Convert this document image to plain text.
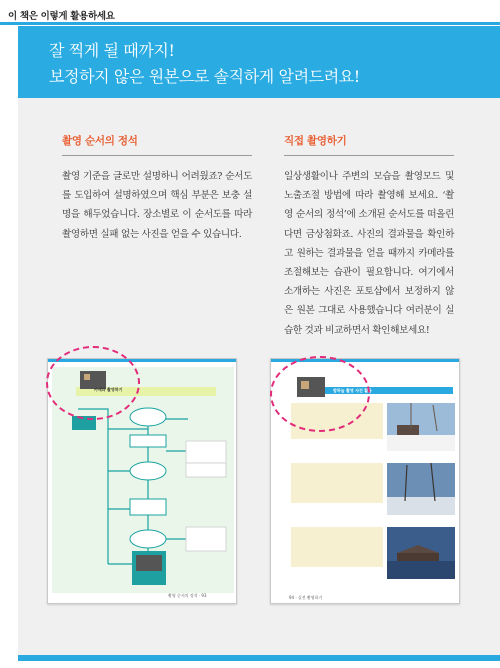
이 책은 이렇게 활용하세요
잘 찍게 될 때까지!
보정하지 않은 원본으로 솔직하게 알려드려요!
촬영 순서의 정석

촬영 기준을 글로만 설명하니 어려웠죠? 순서도를 도입하여 설명하였으며 핵심 부분은 보충 설명을 해두었습니다. 장소별로 이 순서도를 따라 촬영하면 실패 없는 사진을 얻을 수 있습니다.

직접 촬영하기

일상생활이나 주변의 모습을 촬영모드 및 노출조절 방법에 따라 촬영해 보세요. ‘촬영 순서의 정석’에 소개된 순서도를 떠올린다면 금상첨화죠. 사진의 결과물을 확인하고 원하는 결과물을 얻을 때까지 카메라를 조절해보는 습관이 필요합니다. 여기에서 소개하는 사진은 포토샵에서 보정하지 않은 원본 그대로 사용했습니다 여러분이 실습한 것과 비교하면서 확인해보세요!

카메라 촬영하기
촬영 순서의 정석 · 93
밤하늘 촬영 사진 활용
94 · 실전 촬영하기
